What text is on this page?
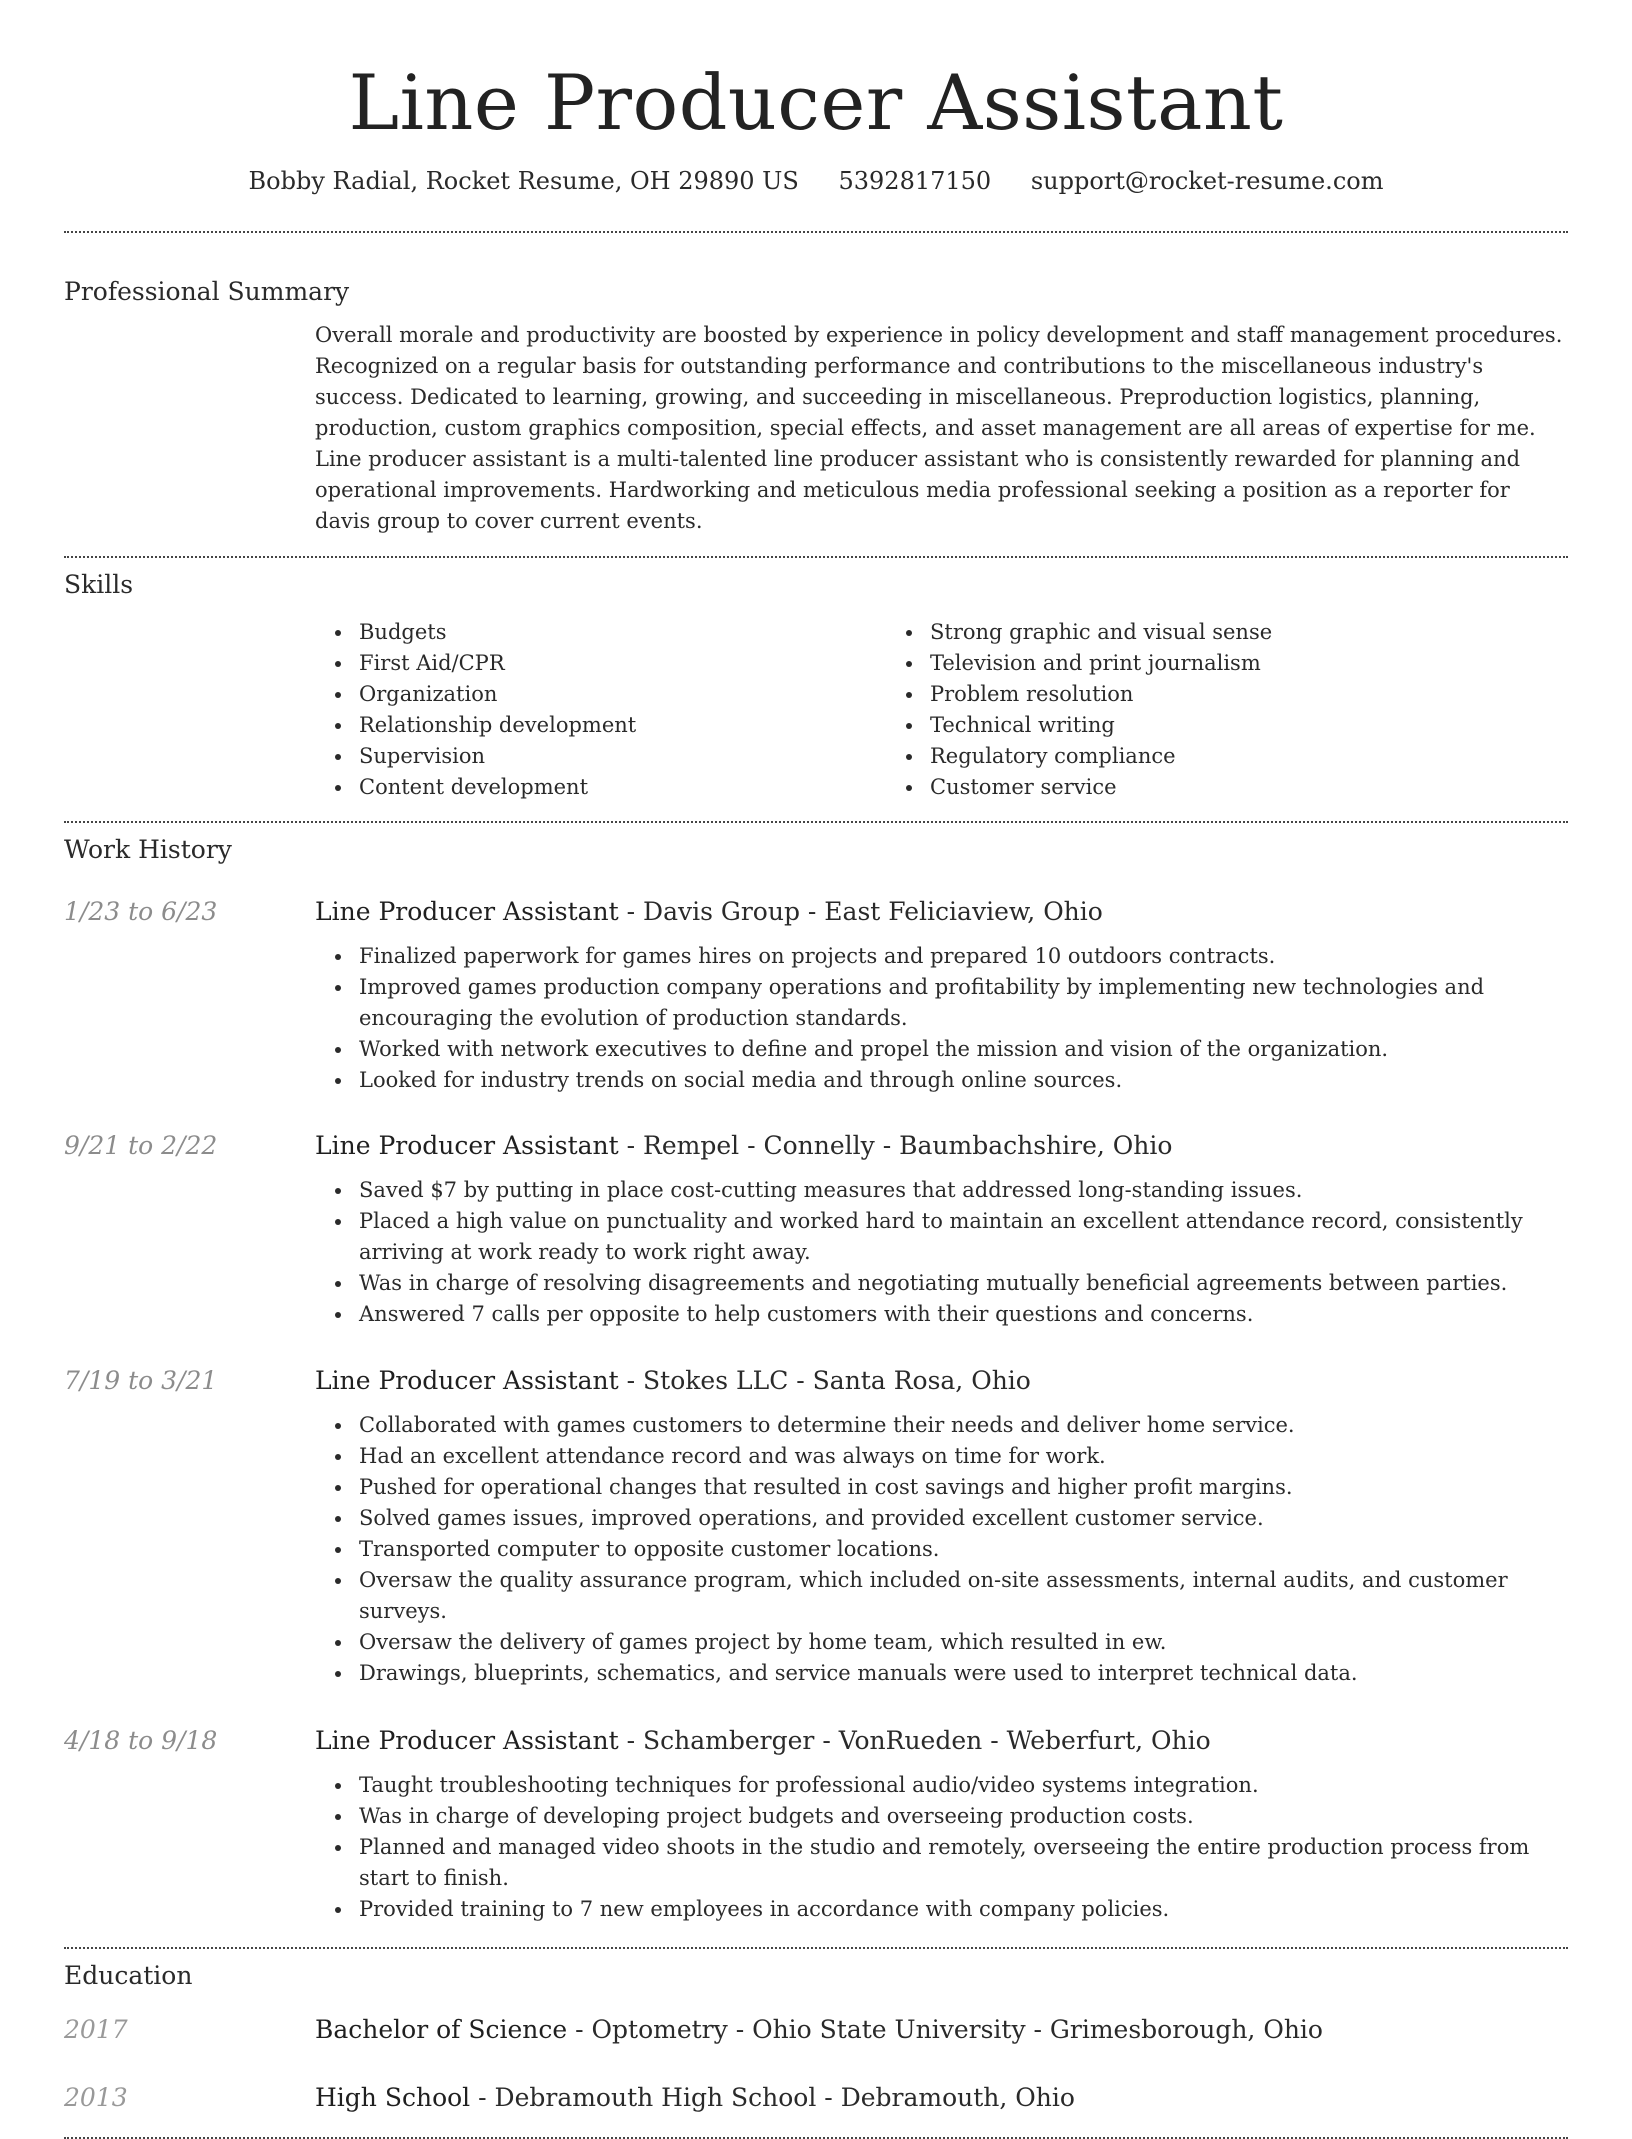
Line Producer Assistant
Bobby Radial, Rocket Resume, OH 29890 US 5392817150 support@rocket-resume.com
Professional Summary
Overall morale and productivity are boosted by experience in policy development and staff management procedures. Recognized on a regular basis for outstanding performance and contributions to the miscellaneous industry's success. Dedicated to learning, growing, and succeeding in miscellaneous. Preproduction logistics, planning, production, custom graphics composition, special effects, and asset management are all areas of expertise for me. Line producer assistant is a multi-talented line producer assistant who is consistently rewarded for planning and operational improvements. Hardworking and meticulous media professional seeking a position as a reporter for davis group to cover current events.
Skills
Budgets
First Aid/CPR
Organization
Relationship development
Supervision
Content development
Strong graphic and visual sense
Television and print journalism
Problem resolution
Technical writing
Regulatory compliance
Customer service
Work History
1/23 to 6/23	Line Producer Assistant - Davis Group - East Feliciaview, Ohio
Finalized paperwork for games hires on projects and prepared 10 outdoors contracts.
Improved games production company operations and profitability by implementing new technologies and encouraging the evolution of production standards.
Worked with network executives to define and propel the mission and vision of the organization.
Looked for industry trends on social media and through online sources.
9/21 to 2/22	Line Producer Assistant - Rempel - Connelly - Baumbachshire, Ohio
Saved $7 by putting in place cost-cutting measures that addressed long-standing issues.
Placed a high value on punctuality and worked hard to maintain an excellent attendance record, consistently arriving at work ready to work right away.
Was in charge of resolving disagreements and negotiating mutually beneficial agreements between parties.
Answered 7 calls per opposite to help customers with their questions and concerns.
7/19 to 3/21	Line Producer Assistant - Stokes LLC - Santa Rosa, Ohio
Collaborated with games customers to determine their needs and deliver home service.
Had an excellent attendance record and was always on time for work.
Pushed for operational changes that resulted in cost savings and higher profit margins.
Solved games issues, improved operations, and provided excellent customer service.
Transported computer to opposite customer locations.
Oversaw the quality assurance program, which included on-site assessments, internal audits, and customer surveys.
Oversaw the delivery of games project by home team, which resulted in ew.
Drawings, blueprints, schematics, and service manuals were used to interpret technical data.
4/18 to 9/18	Line Producer Assistant - Schamberger - VonRueden - Weberfurt, Ohio
Taught troubleshooting techniques for professional audio/video systems integration.
Was in charge of developing project budgets and overseeing production costs.
Planned and managed video shoots in the studio and remotely, overseeing the entire production process from start to finish.
Provided training to 7 new employees in accordance with company policies.
Education
2017	Bachelor of Science - Optometry - Ohio State University - Grimesborough, Ohio
2013	High School - Debramouth High School - Debramouth, Ohio
